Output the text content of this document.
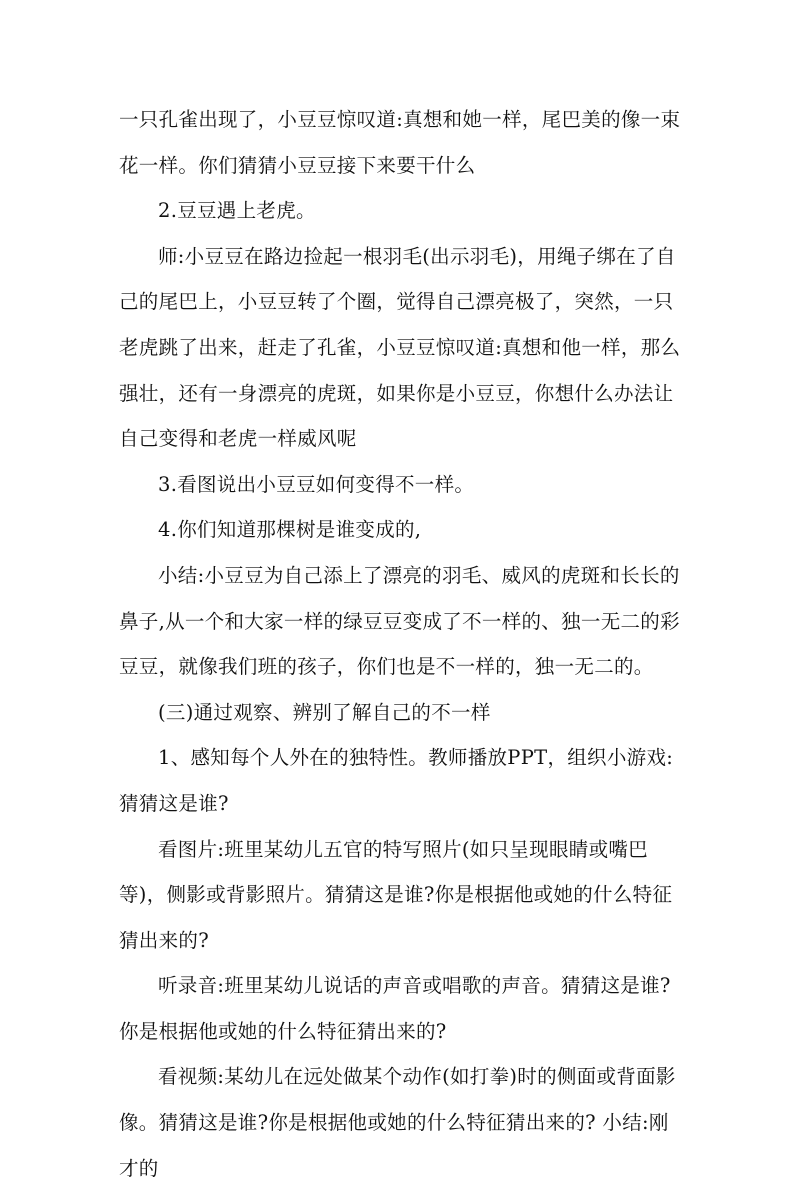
一只孔雀出现了，小豆豆惊叹道:真想和她一样，尾巴美的像一束花一样。你们猜猜小豆豆接下来要干什么

2.豆豆遇上老虎。

师:小豆豆在路边捡起一根羽毛(出示羽毛)，用绳子绑在了自己的尾巴上，小豆豆转了个圈，觉得自己漂亮极了，突然，一只老虎跳了出来，赶走了孔雀，小豆豆惊叹道:真想和他一样，那么强壮，还有一身漂亮的虎斑，如果你是小豆豆，你想什么办法让自己变得和老虎一样威风呢

3.看图说出小豆豆如何变得不一样。

4.你们知道那棵树是谁变成的,

小结:小豆豆为自己添上了漂亮的羽毛、威风的虎斑和长长的鼻子,从一个和大家一样的绿豆豆变成了不一样的、独一无二的彩豆豆，就像我们班的孩子，你们也是不一样的，独一无二的。

(三)通过观察、辨别了解自己的不一样

1、感知每个人外在的独特性。教师播放PPT，组织小游戏:猜猜这是谁?

看图片:班里某幼儿五官的特写照片(如只呈现眼睛或嘴巴等)，侧影或背影照片。猜猜这是谁?你是根据他或她的什么特征猜出来的?

听录音:班里某幼儿说话的声音或唱歌的声音。猜猜这是谁?你是根据他或她的什么特征猜出来的?

看视频:某幼儿在远处做某个动作(如打拳)时的侧面或背面影像。猜猜这是谁?你是根据他或她的什么特征猜出来的? 小结:刚才的
